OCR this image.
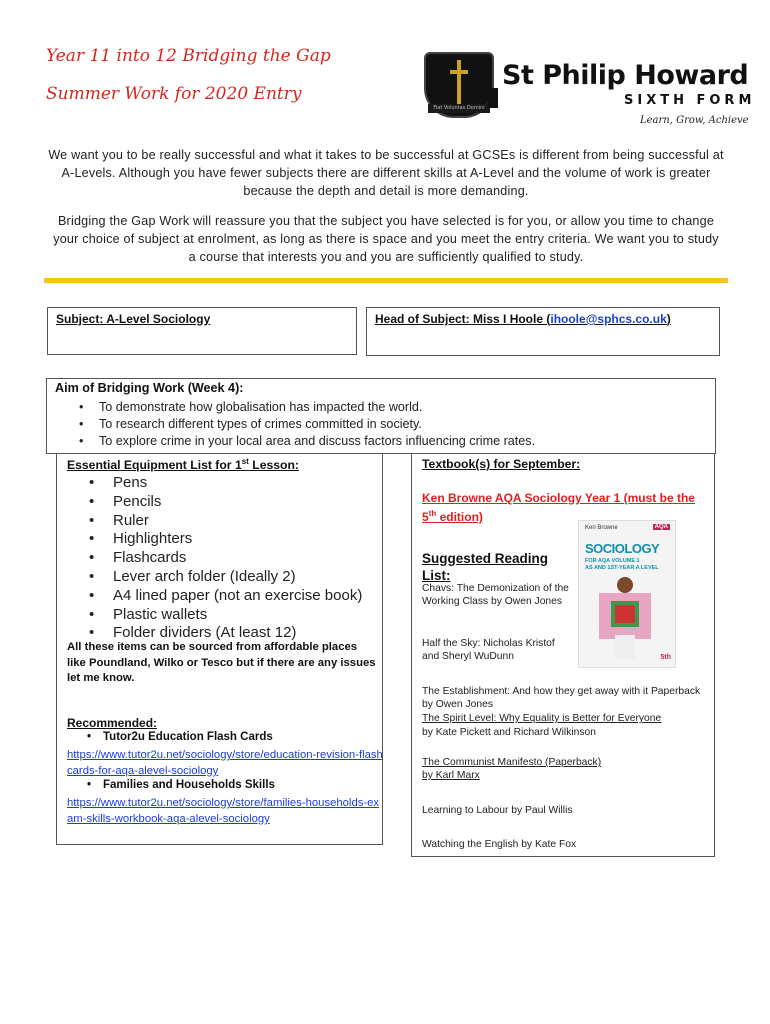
Year 11 into 12 Bridging the Gap
Summer Work for 2020 Entry
Fiat Voluntas Domini
St Philip Howard
SIXTH FORM
Learn, Grow, Achieve
We want you to be really successful and what it takes to be successful at GCSEs is different from being successful at A-Levels. Although you have fewer subjects there are different skills at A-Level and the volume of work is greater because the depth and detail is more demanding.
Bridging the Gap Work will reassure you that the subject you have selected is for you, or allow you time to change your choice of subject at enrolment, as long as there is space and you meet the entry criteria. We want you to study a course that interests you and you are sufficiently qualified to study.
Subject: A-Level Sociology	Head of Subject: Miss I Hoole (ihoole@sphcs.co.uk)
Aim of Bridging Work (Week 4):
• To demonstrate how globalisation has impacted the world.
• To research different types of crimes committed in society.
• To explore crime in your local area and discuss factors influencing crime rates.
Essential Equipment List for 1st Lesson:
• Pens
• Pencils
• Ruler
• Highlighters
• Flashcards
• Lever arch folder (Ideally 2)
• A4 lined paper (not an exercise book)
• Plastic wallets
• Folder dividers (At least 12)
All these items can be sourced from affordable places like Poundland, Wilko or Tesco but if there are any issues let me know.
Recommended:
• Tutor2u Education Flash Cards
https://www.tutor2u.net/sociology/store/education-revision-flashcards-for-aqa-alevel-sociology
• Families and Households Skills
https://www.tutor2u.net/sociology/store/families-households-exam-skills-workbook-aqa-alevel-sociology
Textbook(s) for September:
Ken Browne AQA Sociology Year 1 (must be the 5th edition)
Suggested Reading List:
Ken Browne	AQA
SOCIOLOGY
FOR AQA VOLUME 1
AS AND 1ST-YEAR A LEVEL
5th
Chavs: The Demonization of the Working Class by Owen Jones
Half the Sky: Nicholas Kristof and Sheryl WuDunn
The Establishment: And how they get away with it Paperback by Owen Jones
The Spirit Level: Why Equality is Better for Everyone
by Kate Pickett and Richard Wilkinson
The Communist Manifesto (Paperback)
by Karl Marx
Learning to Labour by Paul Willis
Watching the English by Kate Fox
